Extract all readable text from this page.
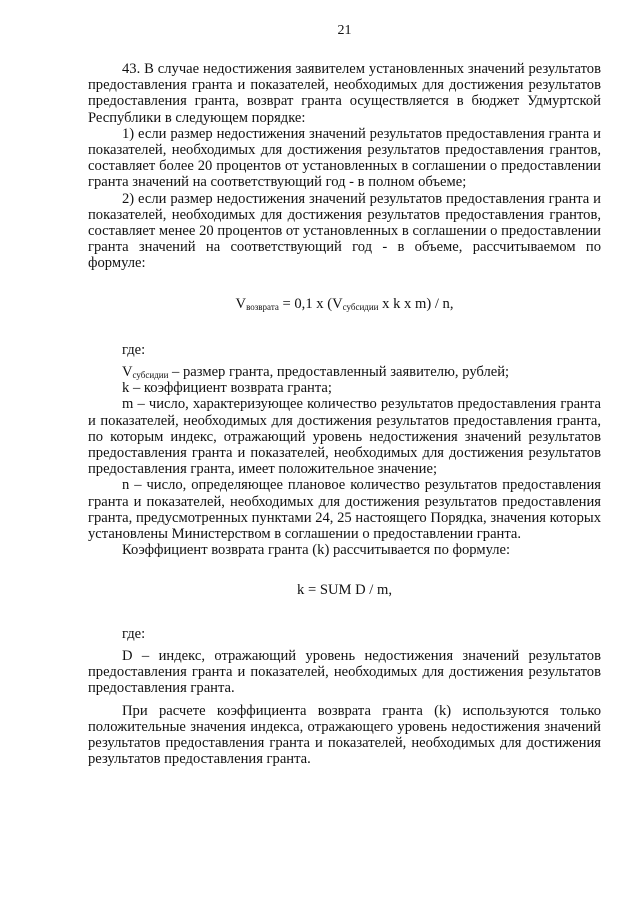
21

43. В случае недостижения заявителем установленных значений результатов предоставления гранта и показателей, необходимых для достижения результатов предоставления гранта, возврат гранта осуществляется в бюджет Удмуртской Республики в следующем порядке:

1) если размер недостижения значений результатов предоставления гранта и показателей, необходимых для достижения результатов предоставления грантов, составляет более 20 процентов от установленных в соглашении о предоставлении гранта значений на соответствующий год - в полном объеме;

2) если размер недостижения значений результатов предоставления гранта и показателей, необходимых для достижения результатов предоставления грантов, составляет менее 20 процентов от установленных в соглашении о предоставлении гранта значений на соответствующий год - в объеме, рассчитываемом по формуле:

$V_{возврата} = 0,1$ x ($V_{субсидии}$ x k x m) / n,

где:

$V_{субсидии}$ – размер гранта, предоставленный заявителю, рублей;

k – коэффициент возврата гранта;

m – число, характеризующее количество результатов предоставления гранта и показателей, необходимых для достижения результатов предоставления гранта, по которым индекс, отражающий уровень недостижения значений результатов предоставления гранта и показателей, необходимых для достижения результатов предоставления гранта, имеет положительное значение;

n – число, определяющее плановое количество результатов предоставления гранта и показателей, необходимых для достижения результатов предоставления гранта, предусмотренных пунктами 24, 25 настоящего Порядка, значения которых установлены Министерством в соглашении о предоставлении гранта.

Коэффициент возврата гранта (k) рассчитывается по формуле:

k = SUM D / m,

где:

D – индекс, отражающий уровень недостижения значений результатов предоставления гранта и показателей, необходимых для достижения результатов предоставления гранта.

При расчете коэффициента возврата гранта (k) используются только положительные значения индекса, отражающего уровень недостижения значений результатов предоставления гранта и показателей, необходимых для достижения результатов предоставления гранта.
